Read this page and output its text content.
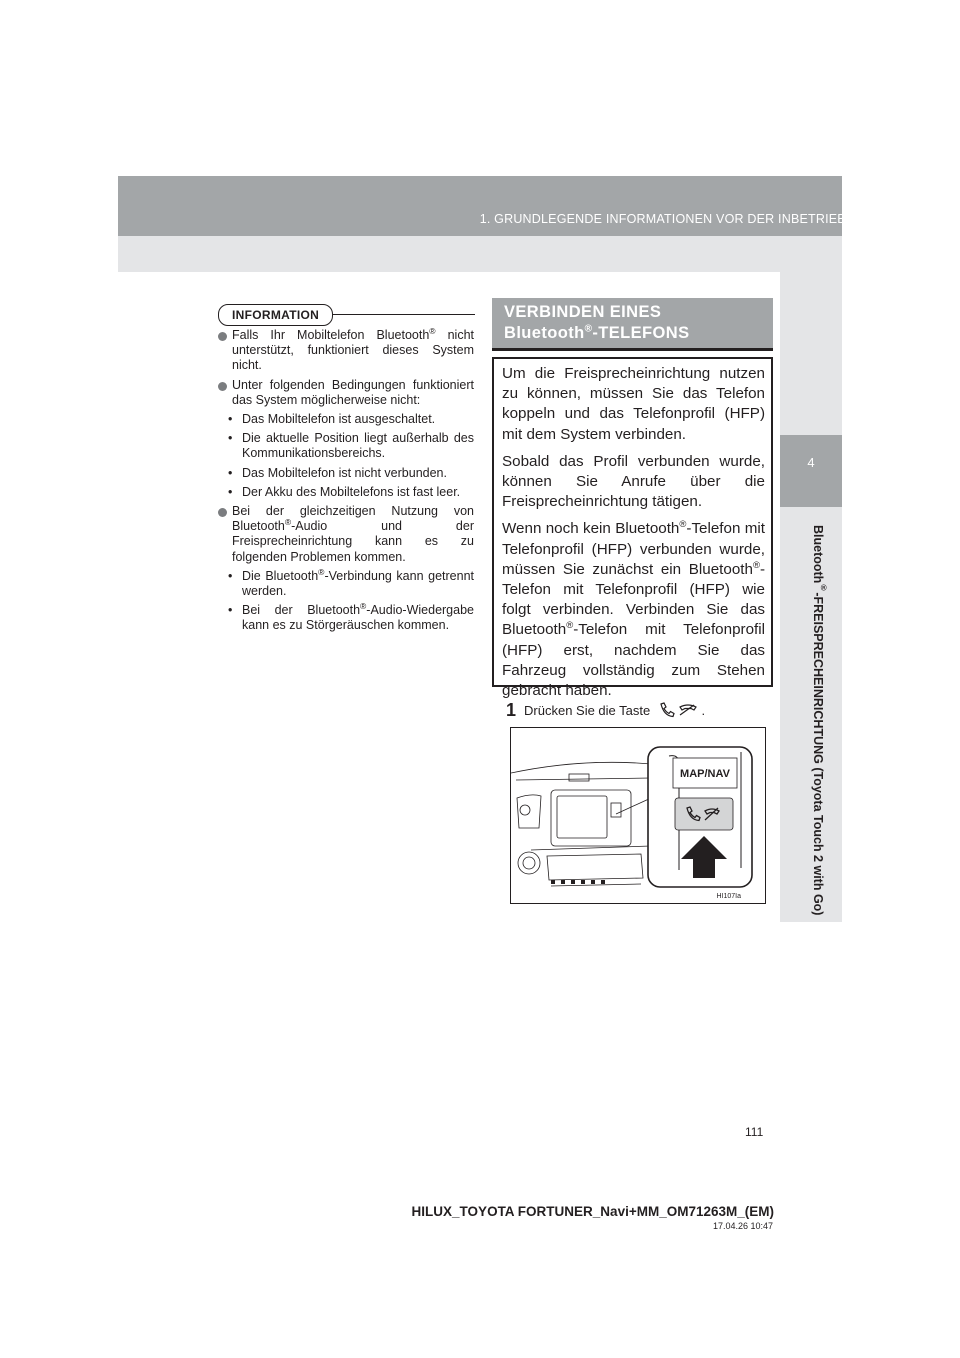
1. GRUNDLEGENDE INFORMATIONEN VOR DER INBETRIEBNAHME
4
Bluetooth®-FREISPRECHEINRICHTUNG (Toyota Touch 2 with Go)
INFORMATION
Falls Ihr Mobiltelefon Bluetooth® nicht unterstützt, funktioniert dieses System nicht.
Unter folgenden Bedingungen funktioniert das System möglicherweise nicht:
• Das Mobiltelefon ist ausgeschaltet.
• Die aktuelle Position liegt außerhalb des Kommunikationsbereichs.
• Das Mobiltelefon ist nicht verbunden.
• Der Akku des Mobiltelefons ist fast leer.
Bei der gleichzeitigen Nutzung von Bluetooth®-Audio und der Freisprecheinrichtung kann es zu folgenden Problemen kommen.
• Die Bluetooth®-Verbindung kann getrennt werden.
• Bei der Bluetooth®-Audio-Wiedergabe kann es zu Störgeräuschen kommen.
VERBINDEN EINES
Bluetooth®-TELEFONS

Um die Freisprecheinrichtung nutzen zu können, müssen Sie das Telefon koppeln und das Telefonprofil (HFP) mit dem System verbinden.

Sobald das Profil verbunden wurde, können Sie Anrufe über die Freisprecheinrichtung tätigen.

Wenn noch kein Bluetooth®-Telefon mit Telefonprofil (HFP) verbunden wurde, müssen Sie zunächst ein Bluetooth®-Telefon mit Telefonprofil (HFP) wie folgt verbinden. Verbinden Sie das Bluetooth®-Telefon mit Telefonprofil (HFP) erst, nachdem Sie das Fahrzeug vollständig zum Stehen gebracht haben.

1 Drücken Sie die Taste	.
MAP/NAV
HI107Ia
111
HILUX_TOYOTA FORTUNER_Navi+MM_OM71263M_(EM)
17.04.26 10:47
